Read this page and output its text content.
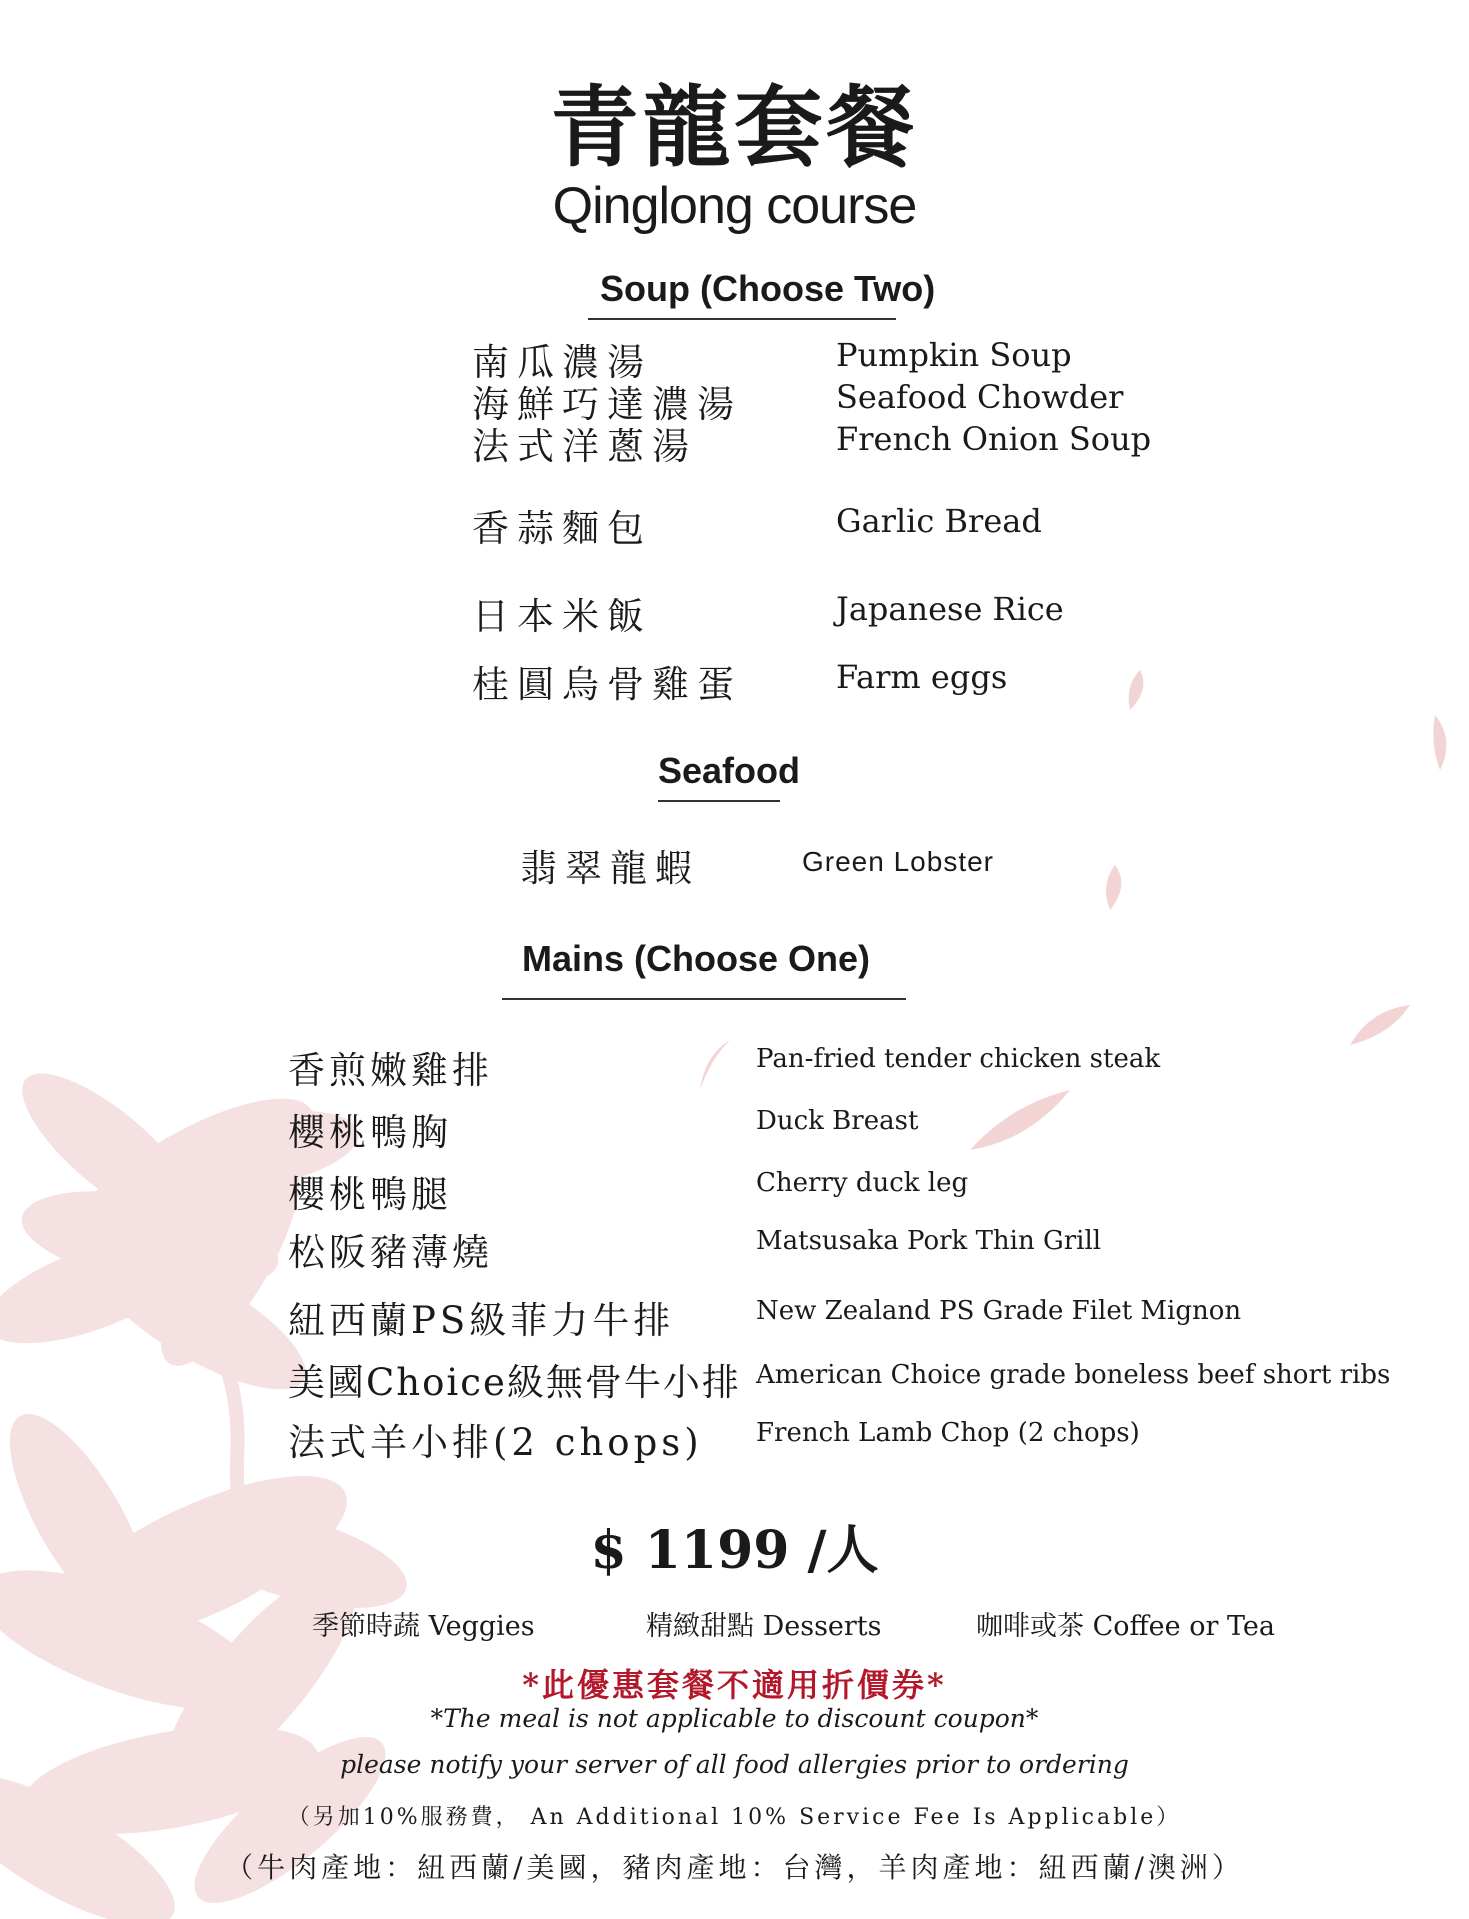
青龍套餐
Qinglong course
Soup (Choose Two)
南瓜濃湯	Pumpkin Soup
海鮮巧達濃湯	Seafood Chowder
法式洋蔥湯	French Onion Soup
香蒜麵包	Garlic Bread
日本米飯	Japanese Rice
桂圓烏骨雞蛋	Farm eggs
Seafood
翡翠龍蝦	Green Lobster
Mains (Choose One)
香煎嫩雞排	Pan-fried tender chicken steak
櫻桃鴨胸	Duck Breast
櫻桃鴨腿	Cherry duck leg
松阪豬薄燒	Matsusaka Pork Thin Grill
紐西蘭PS級菲力牛排	New Zealand PS Grade Filet Mignon
美國Choice級無骨牛小排 American Choice grade boneless beef short ribs
法式羊小排(2 chops) French Lamb Chop (2 chops)
$ 1199 /人
季節時蔬 Veggies	精緻甜點 Desserts	咖啡或茶 Coffee or Tea
*此優惠套餐不適用折價券*
*The meal is not applicable to discount coupon*
please notify your server of all food allergies prior to ordering
（另加10%服務費， An Additional 10% Service Fee Is Applicable）
（牛肉產地：紐西蘭/美國，豬肉產地：台灣，羊肉產地：紐西蘭/澳洲）
